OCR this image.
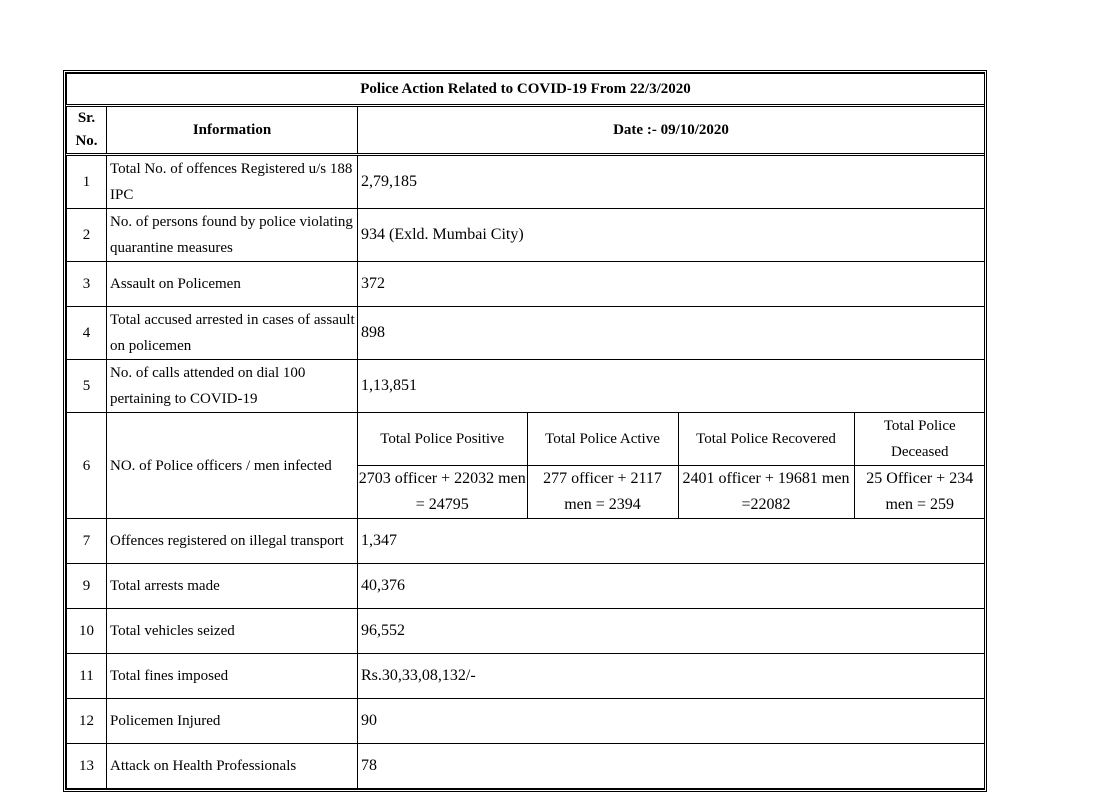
Police Action Related to COVID-19 From 22/3/2020

Sr.
No.
	Information	Date :- 09/10/2020
1	Total No. of offences Registered u/s 188 IPC	2,79,185
2	No. of persons found by police violating quarantine measures	934 (Exld. Mumbai City)
3	Assault on Policemen	372
4	Total accused arrested in cases of assault on policemen	898
5	No. of calls attended on dial 100 pertaining to COVID-19	1,13,851
6	NO. of Police officers / men infected	
Total Police Positive	Total Police Active	Total Police Recovered	Total Police Deceased
2703 officer + 22032 men = 24795	277 officer + 2117 men = 2394	2401 officer + 19681 men =22082	25 Officer + 234 men = 259

7	Offences registered on illegal transport	1,347
9	Total arrests made	40,376
10	Total vehicles seized	96,552
11	Total fines imposed	Rs.30,33,08,132/-
12	Policemen Injured	90
13	Attack on Health Professionals	78
